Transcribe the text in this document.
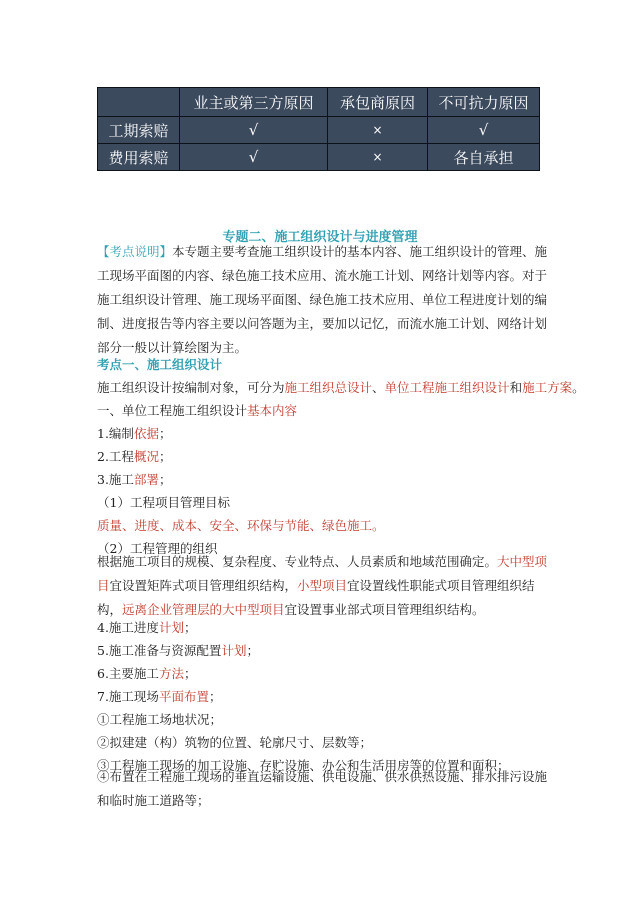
	业主或第三方原因	承包商原因	不可抗力原因
工期索赔	√	×	√
费用索赔	√	×	各自承担

专题二、施工组织设计与进度管理

【考点说明】本专题主要考查施工组织设计的基本内容、施工组织设计的管理、施工现场平面图的内容、绿色施工技术应用、流水施工计划、网络计划等内容。对于施工组织设计管理、施工现场平面图、绿色施工技术应用、单位工程进度计划的编制、进度报告等内容主要以问答题为主，要加以记忆，而流水施工计划、网络计划部分一般以计算绘图为主。

考点一、施工组织设计

施工组织设计按编制对象，可分为施工组织总设计、单位工程施工组织设计和施工方案。

一、单位工程施工组织设计基本内容

1.编制依据；

2.工程概况；

3.施工部署；

（1）工程项目管理目标

质量、进度、成本、安全、环保与节能、绿色施工。

（2）工程管理的组织

根据施工项目的规模、复杂程度、专业特点、人员素质和地域范围确定。大中型项目宜设置矩阵式项目管理组织结构，小型项目宜设置线性职能式项目管理组织结构，远离企业管理层的大中型项目宜设置事业部式项目管理组织结构。

4.施工进度计划；

5.施工准备与资源配置计划；

6.主要施工方法；

7.施工现场平面布置；

①工程施工场地状况；

②拟建建（构）筑物的位置、轮廓尺寸、层数等；

③工程施工现场的加工设施、存贮设施、办公和生活用房等的位置和面积；

④布置在工程施工现场的垂直运输设施、供电设施、供水供热设施、排水排污设施和临时施工道路等；
